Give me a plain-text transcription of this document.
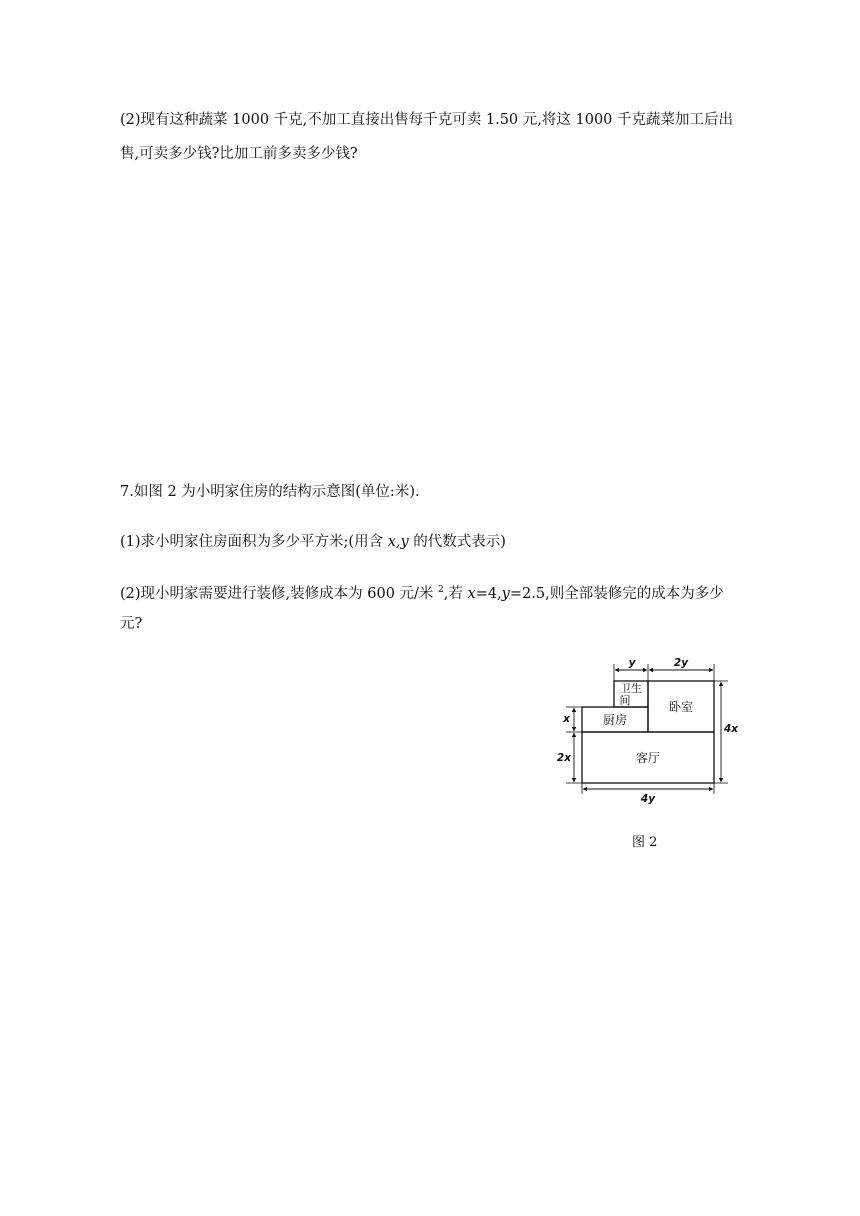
(2)现有这种蔬菜 1000 千克,不加工直接出售每千克可卖 1.50 元,将这 1000 千克蔬菜加工后出
售,可卖多少钱?比加工前多卖多少钱?
7.如图 2 为小明家住房的结构示意图(单位:米).
(1)求小明家住房面积为多少平方米;(用含 x,y 的代数式表示)
(2)现小明家需要进行装修,装修成本为 600 元/米 $^2$,若 x=4,y=2.5,则全部装修完的成本为多少
元?
卫生
间	卧室
厨房
客厅
y	2y
x
2x
4x
4y
图 2
